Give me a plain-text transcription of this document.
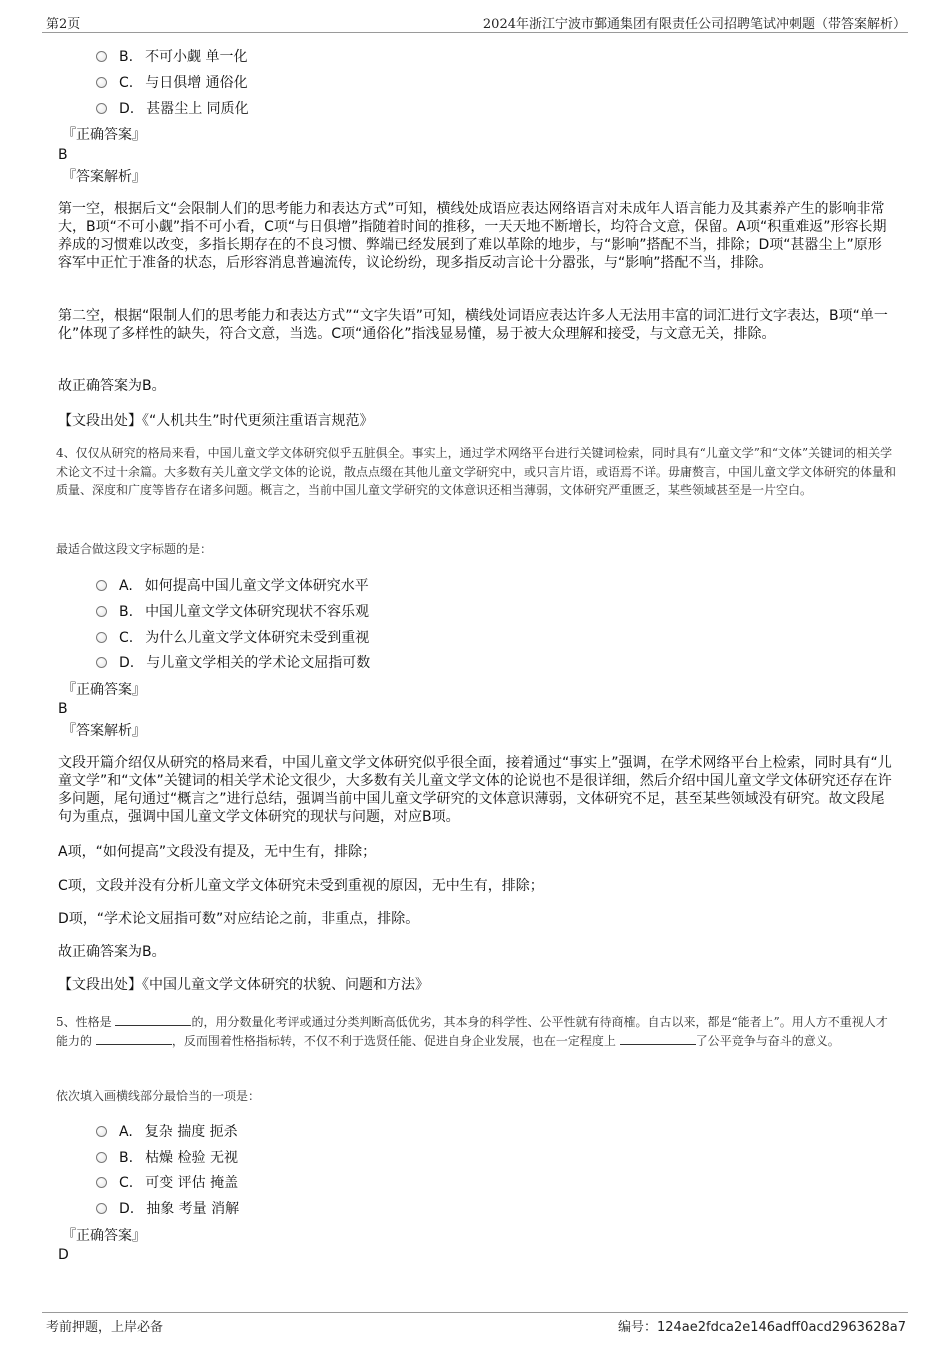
第2页	2024年浙江宁波市鄞通集团有限责任公司招聘笔试冲刺题（带答案解析）
B. 不可小觑 单一化
C. 与日俱增 通俗化
D. 甚嚣尘上 同质化
『正确答案』
B
『答案解析』
第一空，根据后文“会限制人们的思考能力和表达方式”可知，横线处成语应表达网络语言对未成年人语言能力及其素养产生的影响非常大，B项“不可小觑”指不可小看，C项“与日俱增”指随着时间的推移，一天天地不断增长，均符合文意，保留。A项“积重难返”形容长期养成的习惯难以改变，多指长期存在的不良习惯、弊端已经发展到了难以革除的地步，与“影响”搭配不当，排除；D项“甚嚣尘上”原形容军中正忙于准备的状态，后形容消息普遍流传，议论纷纷，现多指反动言论十分嚣张，与“影响”搭配不当，排除。
第二空，根据“限制人们的思考能力和表达方式”“文字失语”可知，横线处词语应表达许多人无法用丰富的词汇进行文字表达，B项“单一化”体现了多样性的缺失，符合文意，当选。C项“通俗化”指浅显易懂，易于被大众理解和接受，与文意无关，排除。
故正确答案为B。
【文段出处】《“人机共生”时代更须注重语言规范》
4、仅仅从研究的格局来看，中国儿童文学文体研究似乎五脏俱全。事实上，通过学术网络平台进行关键词检索，同时具有“儿童文学”和“文体”关键词的相关学术论文不过十余篇。大多数有关儿童文学文体的论说，散点点缀在其他儿童文学研究中，或只言片语，或语焉不详。毋庸赘言，中国儿童文学文体研究的体量和质量、深度和广度等皆存在诸多问题。概言之，当前中国儿童文学研究的文体意识还相当薄弱，文体研究严重匮乏，某些领域甚至是一片空白。
最适合做这段文字标题的是：
A. 如何提高中国儿童文学文体研究水平
B. 中国儿童文学文体研究现状不容乐观
C. 为什么儿童文学文体研究未受到重视
D. 与儿童文学相关的学术论文屈指可数
『正确答案』
B
『答案解析』
文段开篇介绍仅从研究的格局来看，中国儿童文学文体研究似乎很全面，接着通过“事实上”强调，在学术网络平台上检索，同时具有“儿童文学”和“文体”关键词的相关学术论文很少，大多数有关儿童文学文体的论说也不是很详细，然后介绍中国儿童文学文体研究还存在许多问题，尾句通过“概言之”进行总结，强调当前中国儿童文学研究的文体意识薄弱，文体研究不足，甚至某些领域没有研究。故文段尾句为重点，强调中国儿童文学文体研究的现状与问题，对应B项。
A项，“如何提高”文段没有提及，无中生有，排除；
C项，文段并没有分析儿童文学文体研究未受到重视的原因，无中生有，排除；
D项，“学术论文屈指可数”对应结论之前，非重点，排除。
故正确答案为B。
【文段出处】《中国儿童文学文体研究的状貌、问题和方法》
5、性格是	的，用分数量化考评或通过分类判断高低优劣，其本身的科学性、公平性就有待商榷。自古以来，都是“能者上”。用人方不重视人才能力的	，反而围着性格指标转，不仅不利于选贤任能、促进自身企业发展，也在一定程度上	了公平竞争与奋斗的意义。
依次填入画横线部分最恰当的一项是：
A. 复杂 揣度 扼杀
B. 枯燥 检验 无视
C. 可变 评估 掩盖
D. 抽象 考量 消解
『正确答案』
D
考前押题，上岸必备	编号：124ae2fdca2e146adff0acd2963628a7
